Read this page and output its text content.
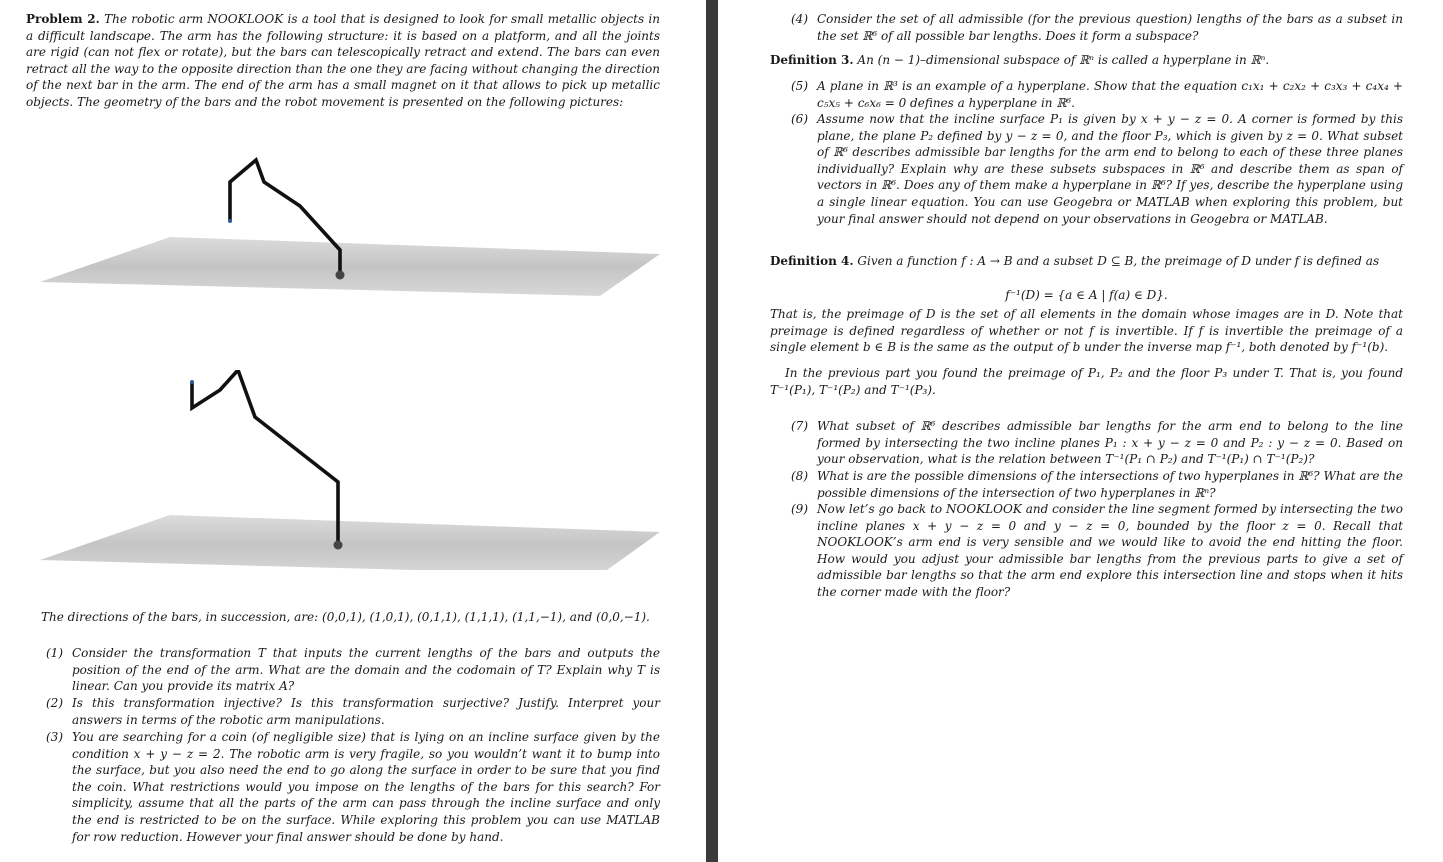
Problem 2. The robotic arm NOOKLOOK is a tool that is designed to look for small metallic objects in a difficult landscape. The arm has the following structure: it is based on a platform, and all the joints are rigid (can not flex or rotate), but the bars can telescopically retract and extend. The bars can even retract all the way to the opposite direction than the one they are facing without changing the direction of the next bar in the arm. The end of the arm has a small magnet on it that allows to pick up metallic objects. The geometry of the bars and the robot movement is presented on the following pictures:

The directions of the bars, in succession, are: (0,0,1), (1,0,1), (0,1,1), (1,1,1), (1,1,−1), and (0,0,−1).

(1) Consider the transformation T that inputs the current lengths of the bars and outputs the position of the end of the arm. What are the domain and the codomain of T? Explain why T is linear. Can you provide its matrix A?
(2) Is this transformation injective? Is this transformation surjective? Justify. Interpret your answers in terms of the robotic arm manipulations.
(3) You are searching for a coin (of negligible size) that is lying on an incline surface given by the condition x + y − z = 2. The robotic arm is very fragile, so you wouldn’t want it to bump into the surface, but you also need the end to go along the surface in order to be sure that you find the coin. What restrictions would you impose on the lengths of the bars for this search? For simplicity, assume that all the parts of the arm can pass through the incline surface and only the end is restricted to be on the surface. While exploring this problem you can use MATLAB for row reduction. However your final answer should be done by hand.
(4) Consider the set of all admissible (for the previous question) lengths of the bars as a subset in the set ℝ⁶ of all possible bar lengths. Does it form a subspace?

Definition 3. An (n − 1)–dimensional subspace of ℝⁿ is called a hyperplane in ℝⁿ.

(5) A plane in ℝ³ is an example of a hyperplane. Show that the equation c₁x₁ + c₂x₂ + c₃x₃ + c₄x₄ + c₅x₅ + c₆x₆ = 0 defines a hyperplane in ℝ⁶.
(6) Assume now that the incline surface P₁ is given by x + y − z = 0. A corner is formed by this plane, the plane P₂ defined by y − z = 0, and the floor P₃, which is given by z = 0. What subset of ℝ⁶ describes admissible bar lengths for the arm end to belong to each of these three planes individually? Explain why are these subsets subspaces in ℝ⁶ and describe them as span of vectors in ℝ⁶. Does any of them make a hyperplane in ℝ⁶? If yes, describe the hyperplane using a single linear equation. You can use Geogebra or MATLAB when exploring this problem, but your final answer should not depend on your observations in Geogebra or MATLAB.

Definition 4. Given a function f : A → B and a subset D ⊆ B, the preimage of D under f is defined as

f⁻¹(D) = {a ∈ A | f(a) ∈ D}.

That is, the preimage of D is the set of all elements in the domain whose images are in D. Note that preimage is defined regardless of whether or not f is invertible. If f is invertible the preimage of a single element b ∈ B is the same as the output of b under the inverse map f⁻¹, both denoted by f⁻¹(b).

In the previous part you found the preimage of P₁, P₂ and the floor P₃ under T. That is, you found T⁻¹(P₁), T⁻¹(P₂) and T⁻¹(P₃).

(7) What subset of ℝ⁶ describes admissible bar lengths for the arm end to belong to the line formed by intersecting the two incline planes P₁ : x + y − z = 0 and P₂ : y − z = 0. Based on your observation, what is the relation between T⁻¹(P₁ ∩ P₂) and T⁻¹(P₁) ∩ T⁻¹(P₂)?
(8) What is are the possible dimensions of the intersections of two hyperplanes in ℝ⁶? What are the possible dimensions of the intersection of two hyperplanes in ℝⁿ?
(9) Now let’s go back to NOOKLOOK and consider the line segment formed by intersecting the two incline planes x + y − z = 0 and y − z = 0, bounded by the floor z = 0. Recall that NOOKLOOK’s arm end is very sensible and we would like to avoid the end hitting the floor. How would you adjust your admissible bar lengths from the previous parts to give a set of admissible bar lengths so that the arm end explore this intersection line and stops when it hits the corner made with the floor?
